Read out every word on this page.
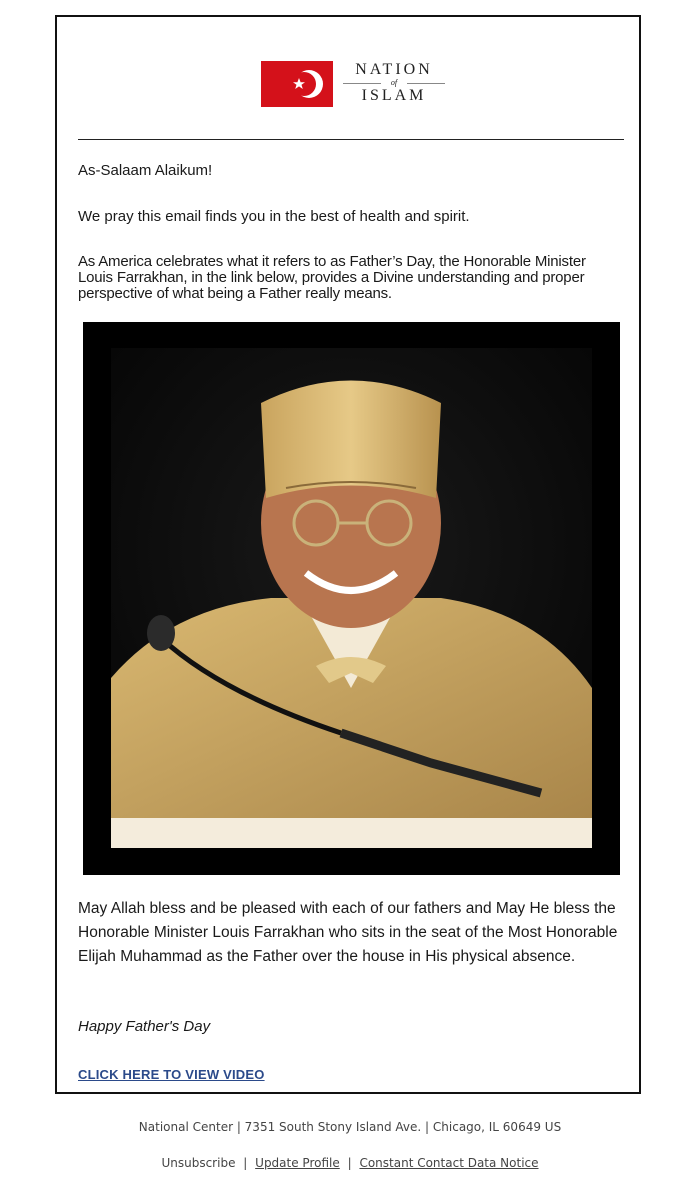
NATION
of
ISLAM

As-Salaam Alaikum!

We pray this email finds you in the best of health and spirit.

As America celebrates what it refers to as Father’s Day, the Honorable Minister Louis Farrakhan, in the link below, provides a Divine understanding and proper perspective of what being a Father really means.

May Allah bless and be pleased with each of our fathers and May He bless the Honorable Minister Louis Farrakhan who sits in the seat of the Most Honorable Elijah Muhammad as the Father over the house in His physical absence.

Happy Father's Day

CLICK HERE TO VIEW VIDEO
National Center | 7351 South Stony Island Ave. | Chicago, IL 60649 US
Unsubscribe | Update Profile | Constant Contact Data Notice
